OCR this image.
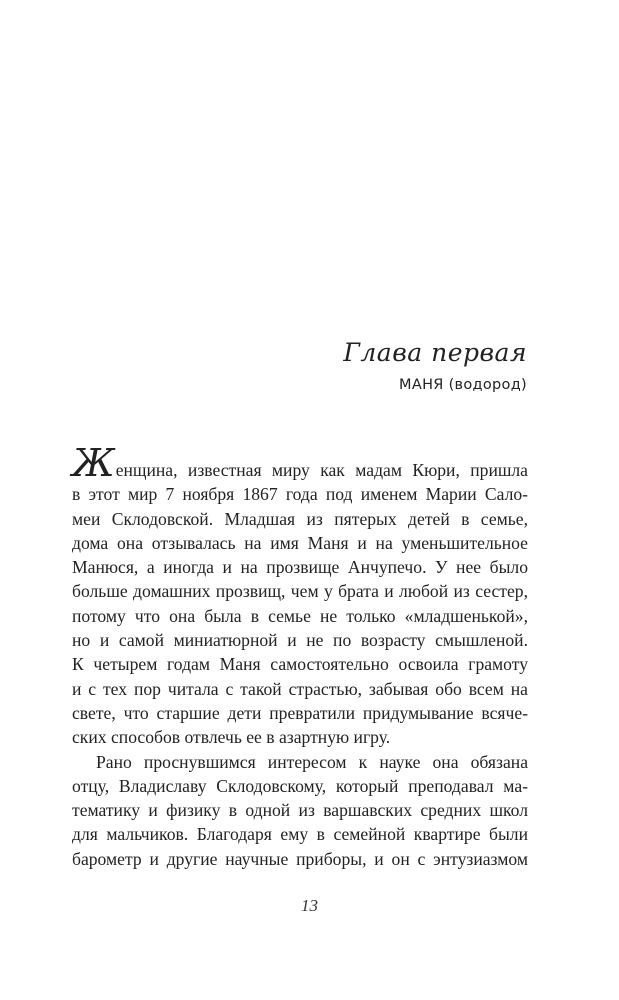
Глава первая
МАНЯ (водород)
Женщина, известная миру как мадам Кюри, пришла
в этот мир 7 ноября 1867 года под именем Марии Сало-
меи Склодовской. Младшая из пятерых детей в семье,
дома она отзывалась на имя Маня и на уменьшительное
Манюся, а иногда и на прозвище Анчупечо. У нее было
больше домашних прозвищ, чем у брата и любой из сестер,
потому что она была в семье не только «младшенькой»,
но и самой миниатюрной и не по возрасту смышленой.
К четырем годам Маня самостоятельно освоила грамоту
и с тех пор читала с такой страстью, забывая обо всем на
свете, что старшие дети превратили придумывание всяче-
ских способов отвлечь ее в азартную игру.
Рано проснувшимся интересом к науке она обязана
отцу, Владиславу Склодовскому, который преподавал ма-
тематику и физику в одной из варшавских средних школ
для мальчиков. Благодаря ему в семейной квартире были
барометр и другие научные приборы, и он с энтузиазмом
13
